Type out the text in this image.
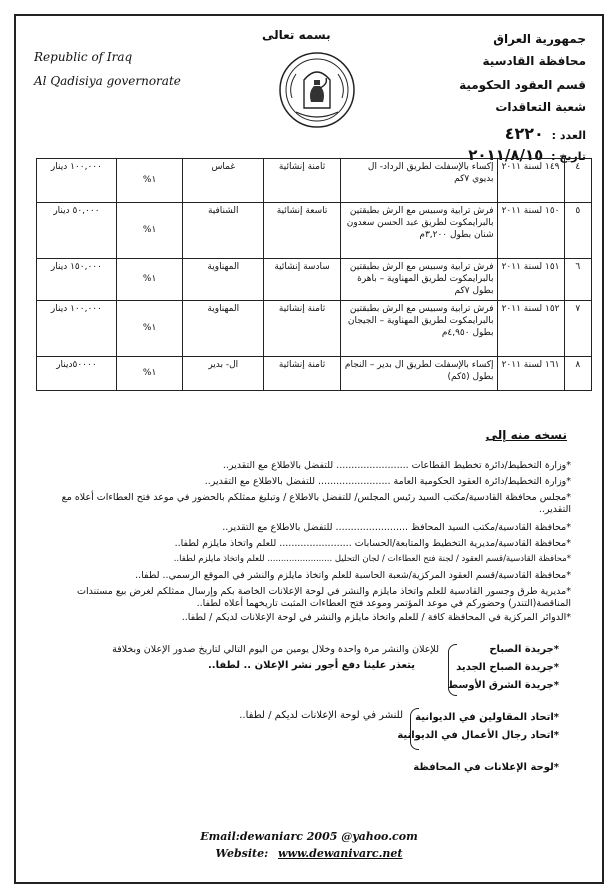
بسمه تعالى
Republic of Iraq
Al Qadisiya governorate
جمهورية العراق
محافظة القادسية
قسم العقود الحكومية
شعبة التعاقدات
العدد : ٤٢٢٠
تاريخ : ٢٠١١/٨/١٥
٤	١٤٩ لسنة ٢٠١١	إكساء بالإسفلت لطريق الرداد- ال بديوي ٧كم	ثامنة إنشائية	غماس	١%	١٠٠,٠٠٠ دينار
٥	١٥٠ لسنة ٢٠١١	فرش ترابية وسبيس مع الرش بطبقتين بالبرايمكوت لطريق عبد الحسن سعدون شنان بطول ٣,٢٠٠م	تاسعة إنشائية	الشنافية	١%	٥٠,٠٠٠ دينار
٦	١٥١ لسنة ٢٠١١	فرش ترابية وسبيس مع الرش بطبقتين بالبرايمكوت لطريق المهناوية – باهرة بطول ٧كم	سادسة إنشائية	المهناوية	١%	١٥٠,٠٠٠ دينار
٧	١٥٢ لسنة ٢٠١١	فرش ترابية وسبيس مع الرش بطبقتين بالبرايمكوت لطريق المهناوية – الجيجان بطول ٤,٩٥٠م	ثامنة إنشائية	المهناوية	١%	١٠٠,٠٠٠ دينار
٨	١٦١ لسنة ٢٠١١	إكساء بالإسفلت لطريق ال بدير – النجام بطول (٥كم)	ثامنة إنشائية	ال- بدير	١%	٥٠٠٠٠دينار
نسخه منه إلى
*وزارة التخطيط/دائرة تخطيط القطاعات ........................ للتفضل بالاطلاع مع التقدير..
*وزارة التخطيط/دائرة العقود الحكومية العامة ........................ للتفضل بالاطلاع مع التقدير..
*مجلس محافظة القادسية/مكتب السيد رئيس المجلس/ للتفضل بالاطلاع / وتبليغ ممثلكم بالحضور في موعد فتح العطاءات أعلاه مع التقدير..
*محافظة القادسية/مكتب السيد المحافظ ........................ للتفضل بالاطلاع مع التقدير..
*محافظة القادسية/مديرية التخطيط والمتابعة/الحسابات ........................ للعلم واتخاذ مايلزم لطفا..
*محافظة القادسية/قسم العقود / لجنة فتح العطاءات / لجان التحليل ........................ للعلم واتخاذ مايلزم لطفا..
*محافظة القادسية/قسم العقود المركزية/شعبة الحاسبة للعلم واتخاذ مايلزم والنشر في الموقع الرسمي.. لطفا..
*مديرية طرق وجسور القادسية للعلم واتخاذ مايلزم والنشر في لوحة الإعلانات الخاصة بكم وإرسال ممثلكم لغرض بيع مستندات المناقصة(التندر) وحضوركم في موعد المؤتمر وموعد فتح العطاءات المثبت تاريخهما أعلاه لطفا..
*الدوائر المركزية في المحافظة كافة / للعلم واتخاذ مايلزم والنشر في لوحة الإعلانات لديكم / لطفا..
*جريدة الصباح
*جريدة الصباح الجديد
*جريدة الشرق الأوسط
للإعلان والنشر مرة واحدة وخلال يومين من اليوم التالي لتاريخ صدور الإعلان وبخلافة
يتعذر علينا دفع أجور نشر الإعلان .. لطفا..
*اتحاد المقاولين في الديوانية
*اتحاد رجال الأعمال في الديوانية
للنشر في لوحة الإعلانات لديكم / لطفا..
*لوحة الإعلانات في المحافظة
Email:dewaniarc 2005 @yahoo.com
Website: www.dewanivarc.net
